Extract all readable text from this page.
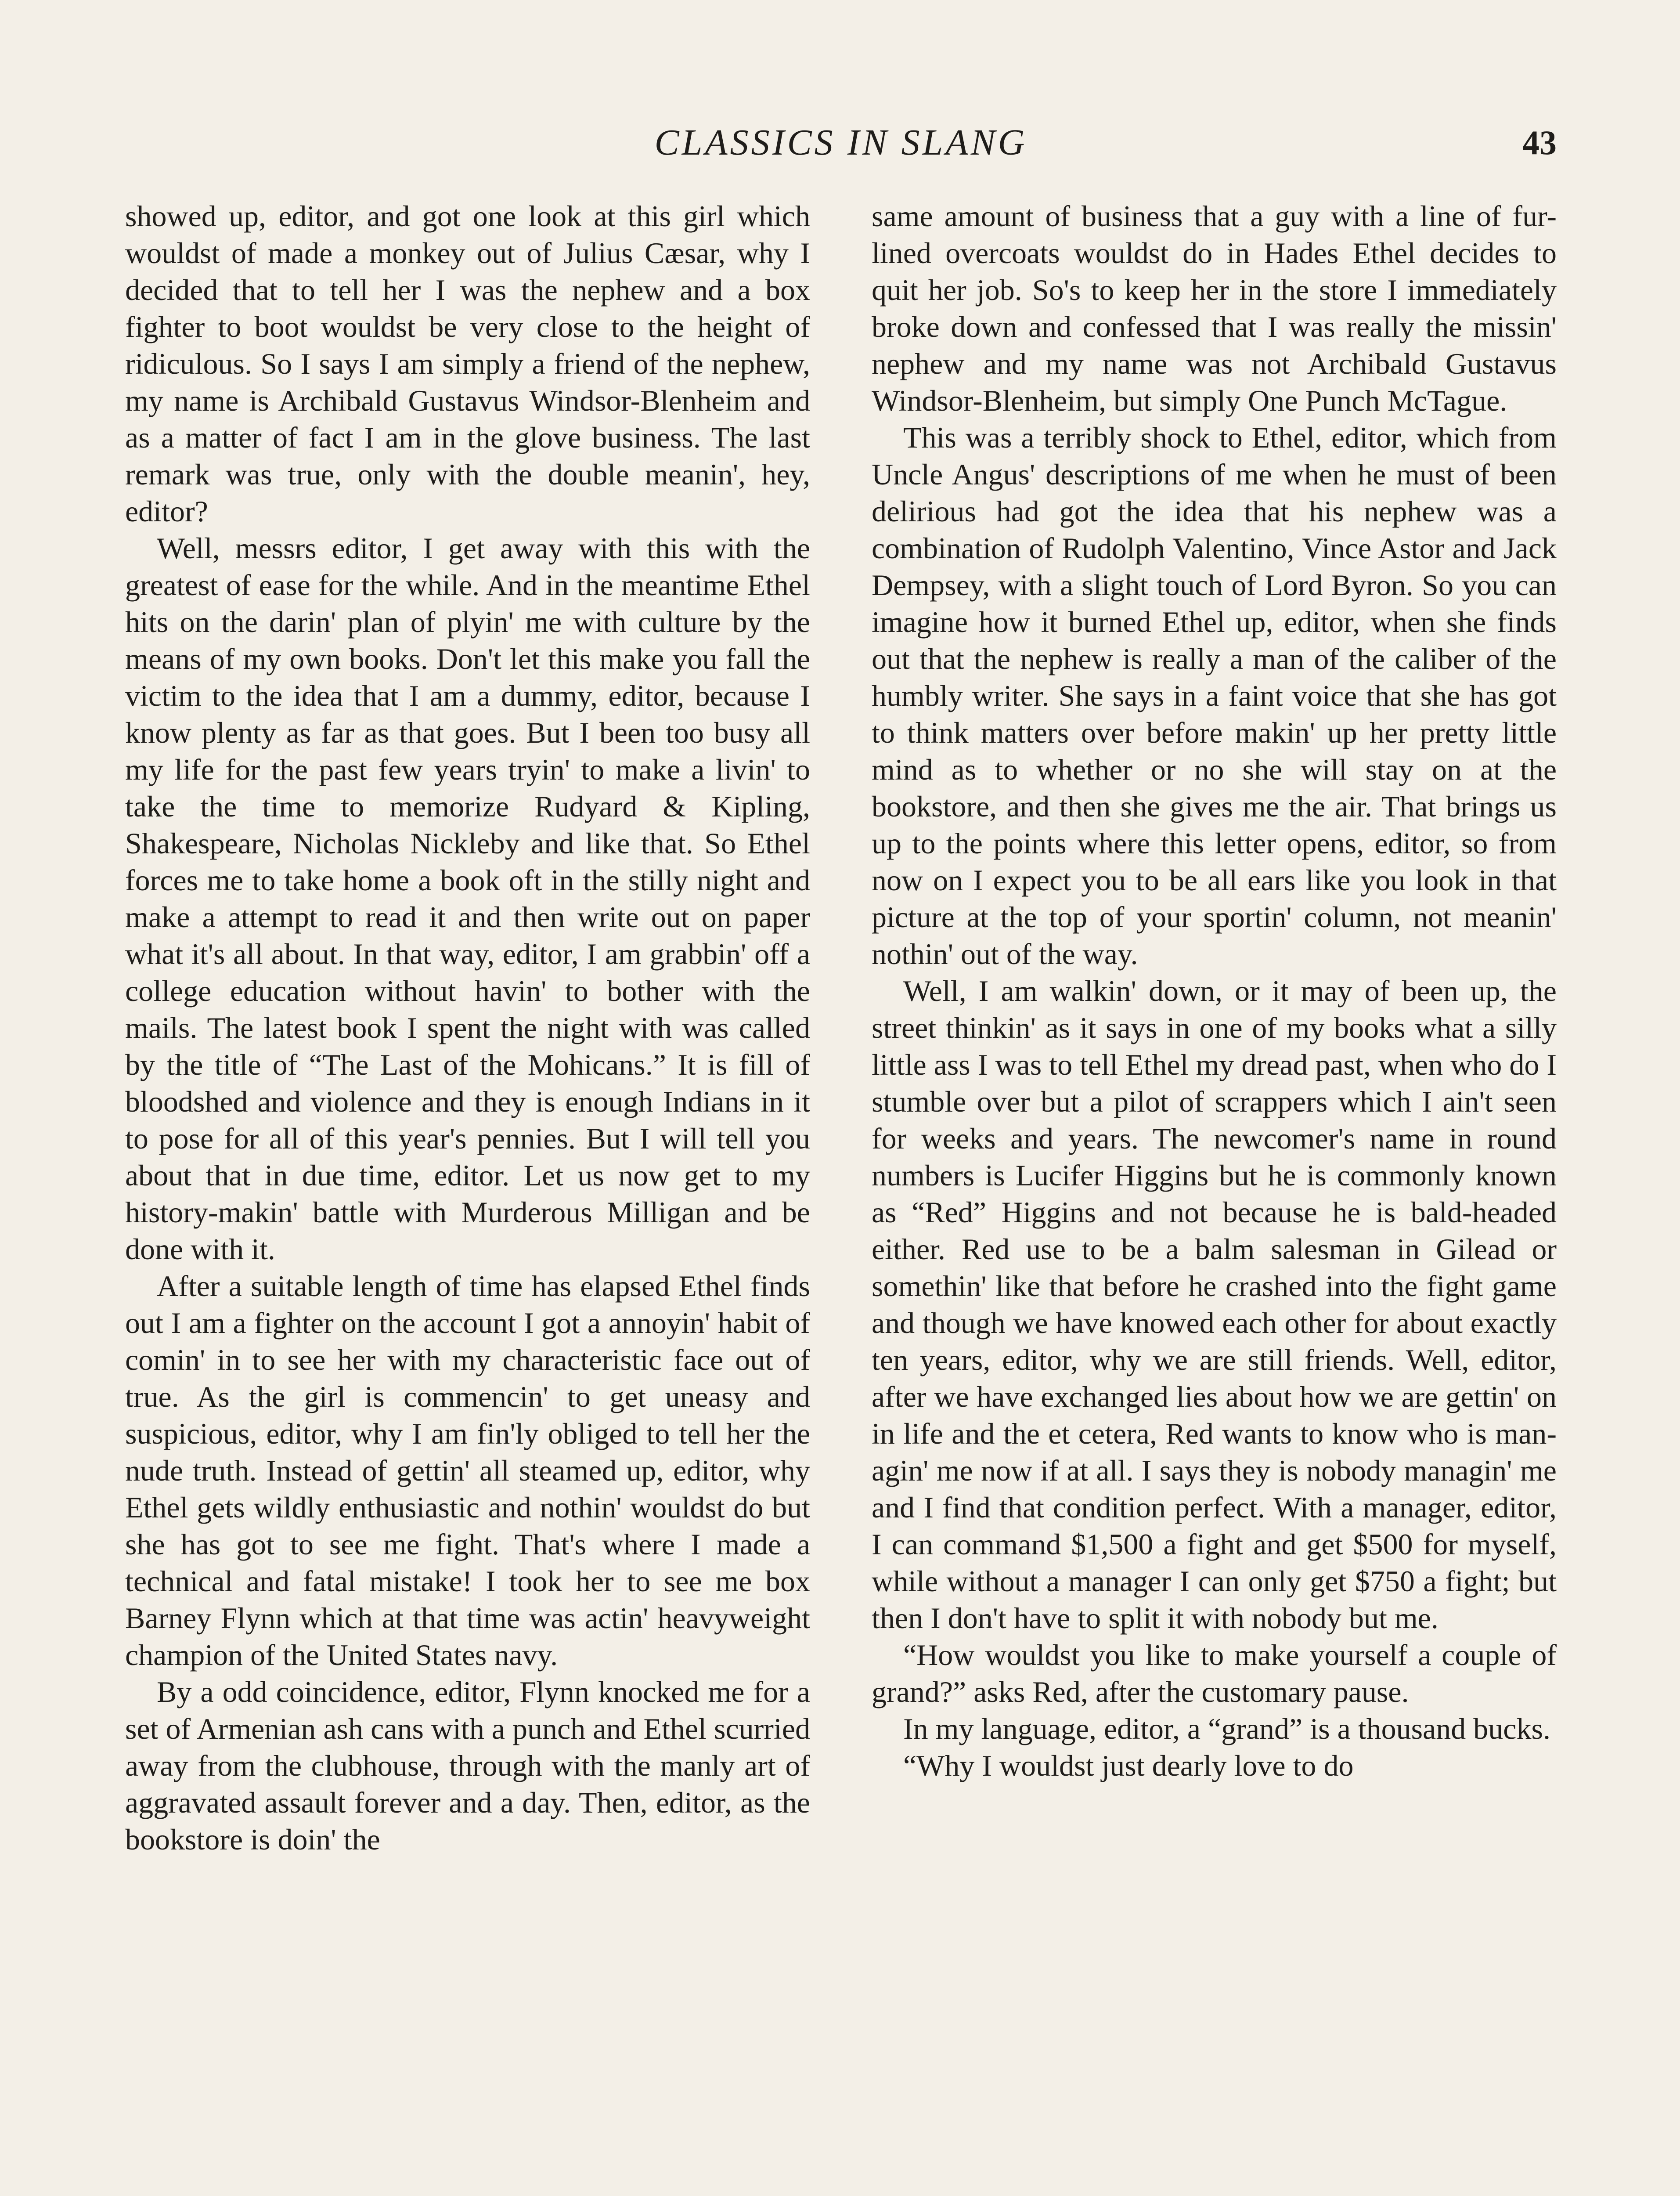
CLASSICS IN SLANG	43

showed up, editor, and got one look at this girl which wouldst of made a monkey out of Julius Cæsar, why I decided that to tell her I was the nephew and a box fighter to boot wouldst be very close to the height of ridiculous. So I says I am simply a friend of the nephew, my name is Archibald Gustavus Windsor-Blenheim and as a matter of fact I am in the glove business. The last remark was true, only with the double meanin', hey, editor?

Well, messrs editor, I get away with this with the greatest of ease for the while. And in the meantime Ethel hits on the darin' plan of plyin' me with culture by the means of my own books. Don't let this make you fall the victim to the idea that I am a dummy, editor, because I know plenty as far as that goes. But I been too busy all my life for the past few years tryin' to make a livin' to take the time to memorize Rudyard & Kipling, Shakespeare, Nicholas Nickleby and like that. So Ethel forces me to take home a book oft in the stilly night and make a attempt to read it and then write out on paper what it's all about. In that way, editor, I am grabbin' off a college education without havin' to bother with the mails. The latest book I spent the night with was called by the title of “The Last of the Mohicans.” It is fill of bloodshed and violence and they is enough Indians in it to pose for all of this year's pennies. But I will tell you about that in due time, editor. Let us now get to my history-makin' battle with Murderous Milligan and be done with it.

After a suitable length of time has elapsed Ethel finds out I am a fighter on the account I got a annoyin' habit of comin' in to see her with my characteristic face out of true. As the girl is commencin' to get uneasy and suspicious, editor, why I am fin'ly obliged to tell her the nude truth. Instead of gettin' all steamed up, editor, why Ethel gets wildly enthusiastic and nothin' wouldst do but she has got to see me fight. That's where I made a technical and fatal mistake! I took her to see me box Barney Flynn which at that time was actin' heavyweight champion of the United States navy.

By a odd coincidence, editor, Flynn knocked me for a set of Armenian ash cans with a punch and Ethel scurried away from the clubhouse, through with the manly art of aggravated assault forever and a day. Then, editor, as the bookstore is doin' the

same amount of business that a guy with a line of fur-lined overcoats wouldst do in Hades Ethel decides to quit her job. So's to keep her in the store I immediately broke down and confessed that I was really the missin' nephew and my name was not Archibald Gustavus Windsor-Blenheim, but simply One Punch McTague.

This was a terribly shock to Ethel, editor, which from Uncle Angus' descriptions of me when he must of been delirious had got the idea that his nephew was a combination of Rudolph Valentino, Vince Astor and Jack Dempsey, with a slight touch of Lord Byron. So you can imagine how it burned Ethel up, editor, when she finds out that the nephew is really a man of the caliber of the humbly writer. She says in a faint voice that she has got to think matters over before makin' up her pretty little mind as to whether or no she will stay on at the bookstore, and then she gives me the air. That brings us up to the points where this letter opens, editor, so from now on I expect you to be all ears like you look in that picture at the top of your sportin' column, not meanin' nothin' out of the way.

Well, I am walkin' down, or it may of been up, the street thinkin' as it says in one of my books what a silly little ass I was to tell Ethel my dread past, when who do I stumble over but a pilot of scrappers which I ain't seen for weeks and years. The newcomer's name in round numbers is Lucifer Higgins but he is commonly known as “Red” Higgins and not because he is bald-headed either. Red use to be a balm salesman in Gilead or somethin' like that before he crashed into the fight game and though we have knowed each other for about exactly ten years, editor, why we are still friends. Well, editor, after we have exchanged lies about how we are gettin' on in life and the et cetera, Red wants to know who is managin' me now if at all. I says they is nobody managin' me and I find that condition perfect. With a manager, editor, I can command $1,500 a fight and get $500 for myself, while without a manager I can only get $750 a fight; but then I don't have to split it with nobody but me.

“How wouldst you like to make yourself a couple of grand?” asks Red, after the customary pause.

In my language, editor, a “grand” is a thousand bucks.

“Why I wouldst just dearly love to do
